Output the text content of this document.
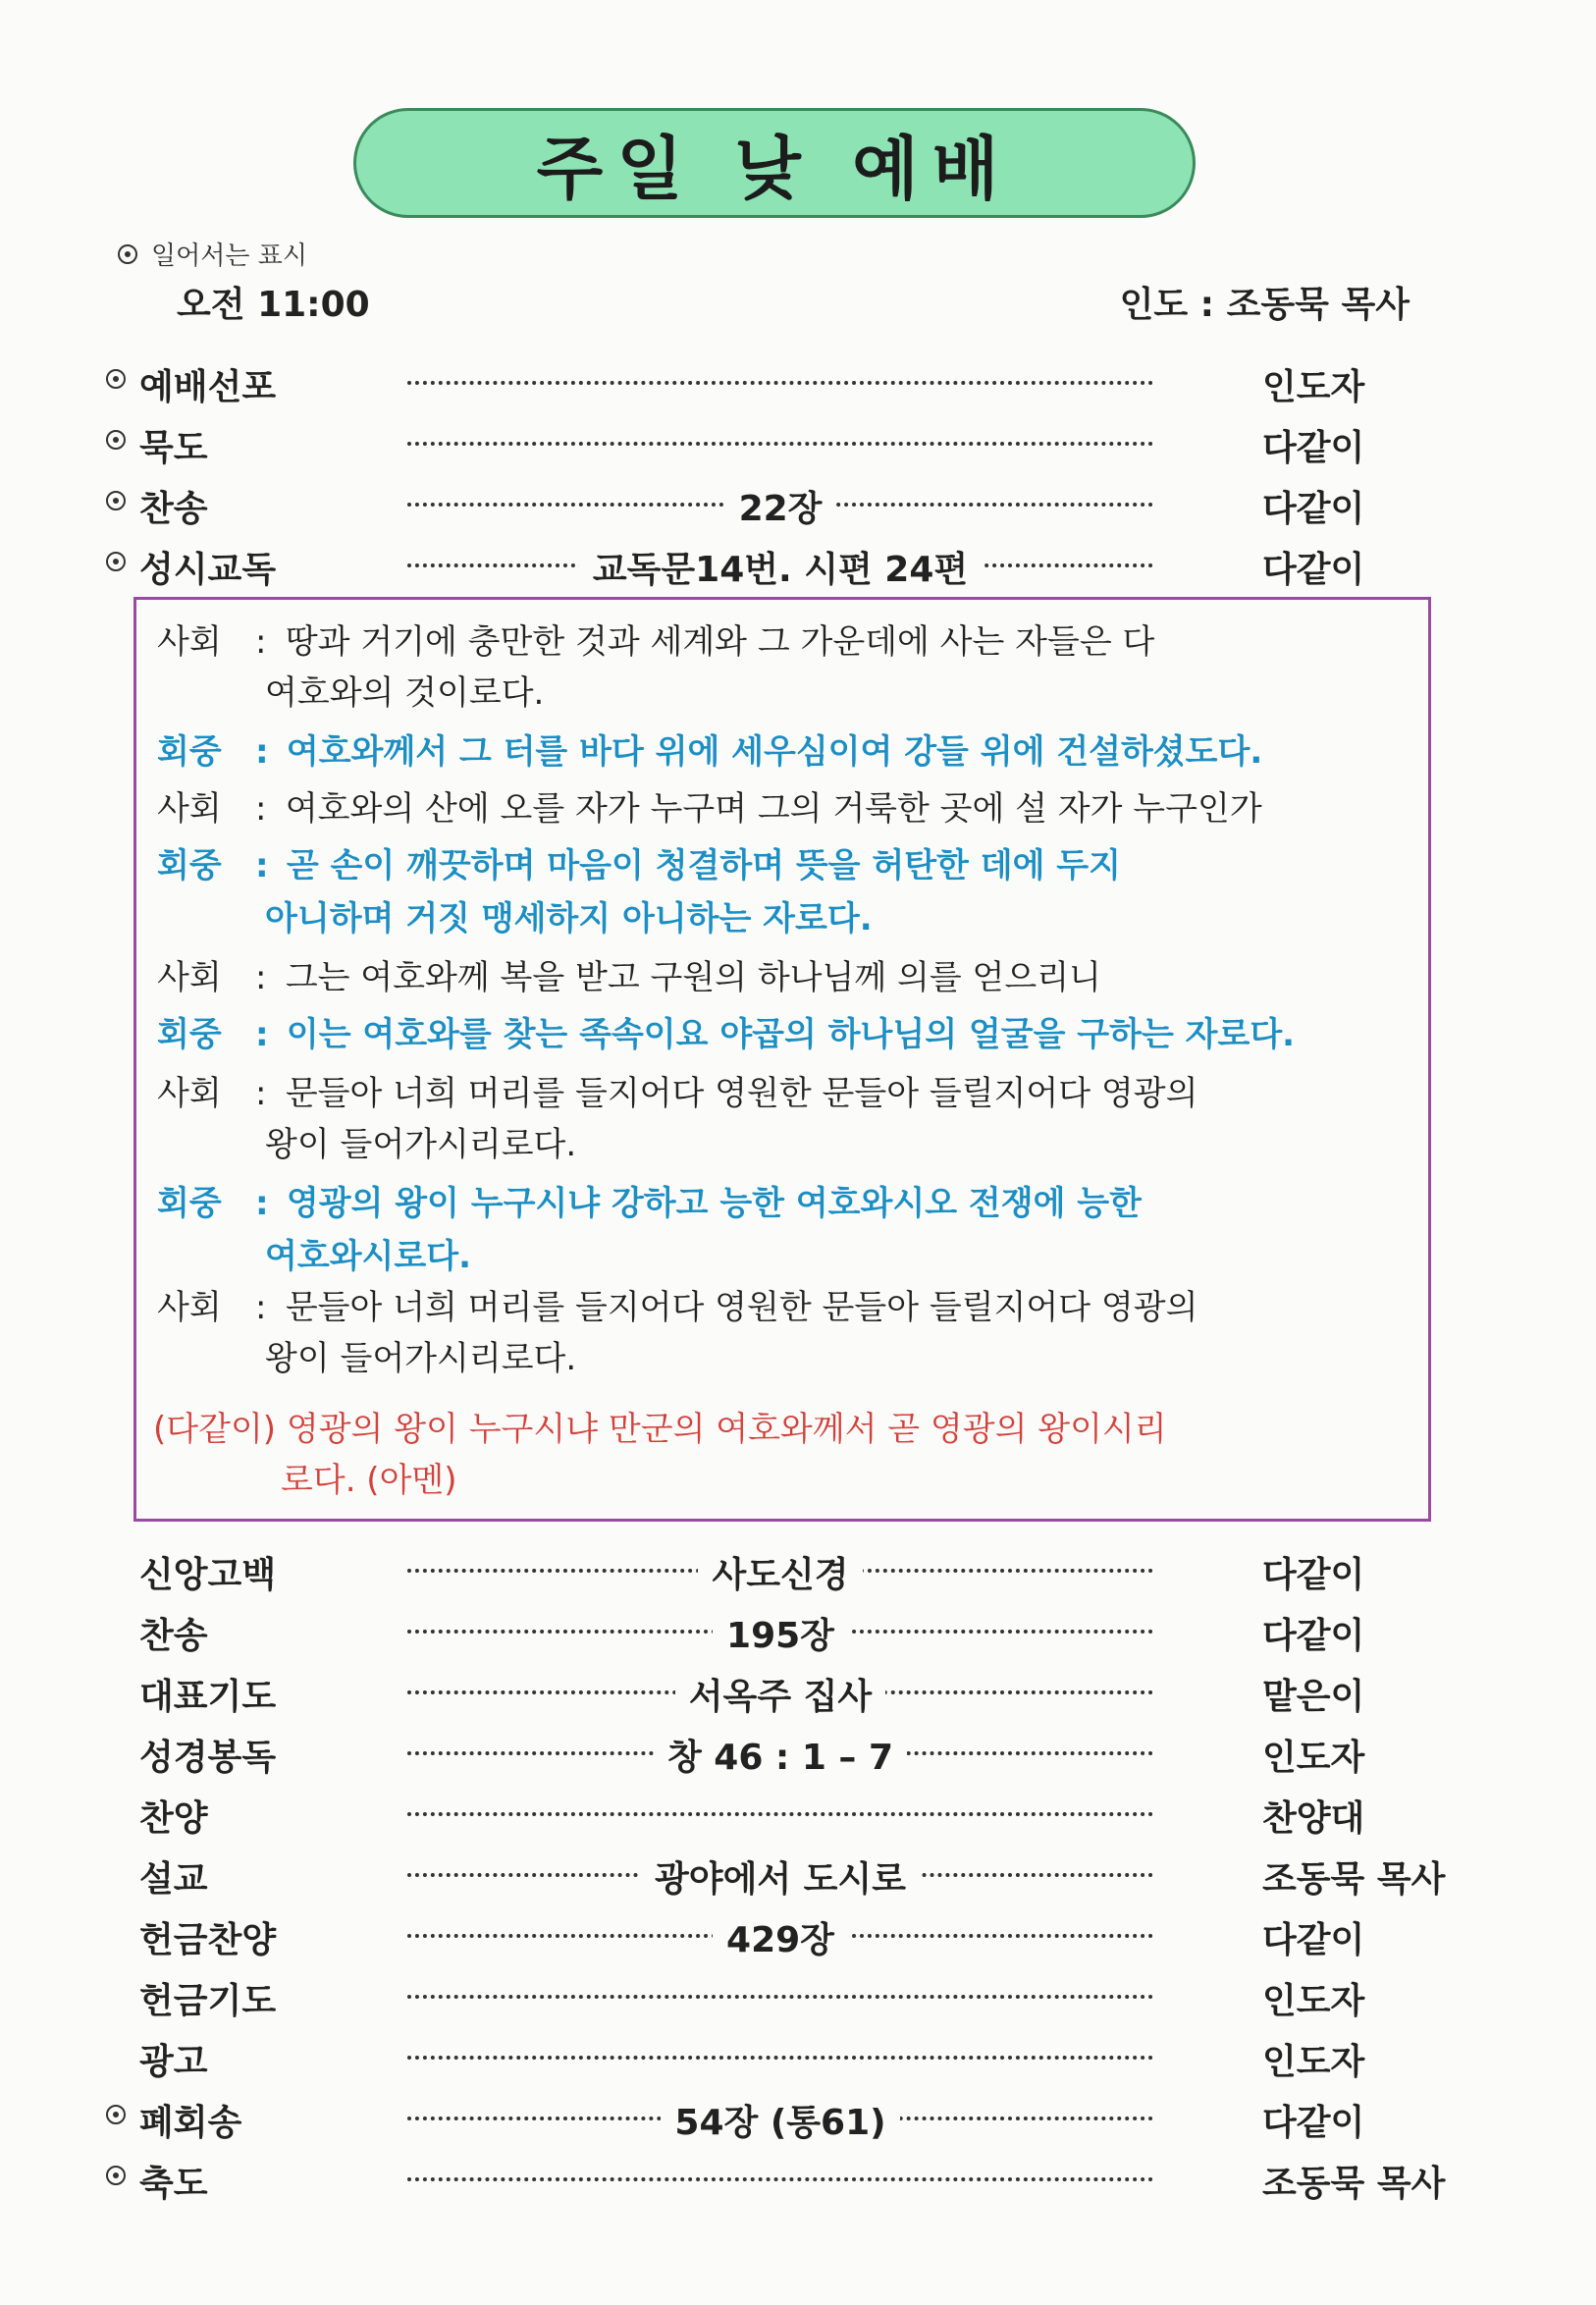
주일 낮 예배
일어서는 표시
오전 11:00	인도 : 조동묵 목사
예배선포	인도자
묵도	다같이
찬송	22장	다같이
성시교독	교독문14번. 시편 24편	다같이
사회 : 땅과 거기에 충만한 것과 세계와 그 가운데에 사는 자들은 다
여호와의 것이로다.
회중 : 여호와께서 그 터를 바다 위에 세우심이여 강들 위에 건설하셨도다.
사회 : 여호와의 산에 오를 자가 누구며 그의 거룩한 곳에 설 자가 누구인가
회중 : 곧 손이 깨끗하며 마음이 청결하며 뜻을 허탄한 데에 두지
아니하며 거짓 맹세하지 아니하는 자로다.
사회 : 그는 여호와께 복을 받고 구원의 하나님께 의를 얻으리니
회중 : 이는 여호와를 찾는 족속이요 야곱의 하나님의 얼굴을 구하는 자로다.
사회 : 문들아 너희 머리를 들지어다 영원한 문들아 들릴지어다 영광의
왕이 들어가시리로다.
회중 : 영광의 왕이 누구시냐 강하고 능한 여호와시오 전쟁에 능한
여호와시로다.
사회 : 문들아 너희 머리를 들지어다 영원한 문들아 들릴지어다 영광의
왕이 들어가시리로다.
(다같이) 영광의 왕이 누구시냐 만군의 여호와께서 곧 영광의 왕이시리
로다. (아멘)
신앙고백	사도신경	다같이
찬송	195장	다같이
대표기도	서옥주 집사	맡은이
성경봉독	창 46 : 1 – 7	인도자
찬양	찬양대
설교	광야에서 도시로	조동묵 목사
헌금찬양	429장	다같이
헌금기도	인도자
광고	인도자
폐회송	54장 (통61)	다같이
축도	조동묵 목사
